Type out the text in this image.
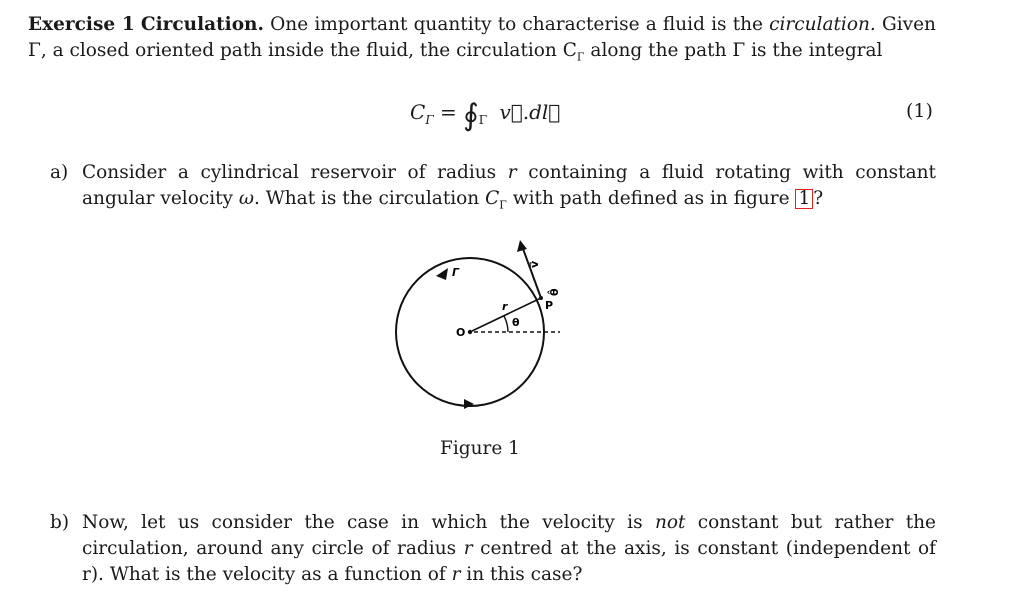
Exercise 1 Circulation. One important quantity to characterise a fluid is the circulation. Given Γ, a closed oriented path inside the fluid, the circulation $C_\Gamma$ along the path Γ is the integral
$C_\Gamma$ = $∮_\Gamma$ v⃗.dl⃗	(1)
a) Consider a cylindrical reservoir of radius r containing a fluid rotating with constant angular velocity ω. What is the circulation $C_\Gamma$ with path defined as in figure 1 ?
Γ
v⃗
θ̂
r
θ
O
P
Figure 1
b) Now, let us consider the case in which the velocity is not constant but rather the circulation, around any circle of radius r centred at the axis, is constant (independent of r). What is the velocity as a function of r in this case?
